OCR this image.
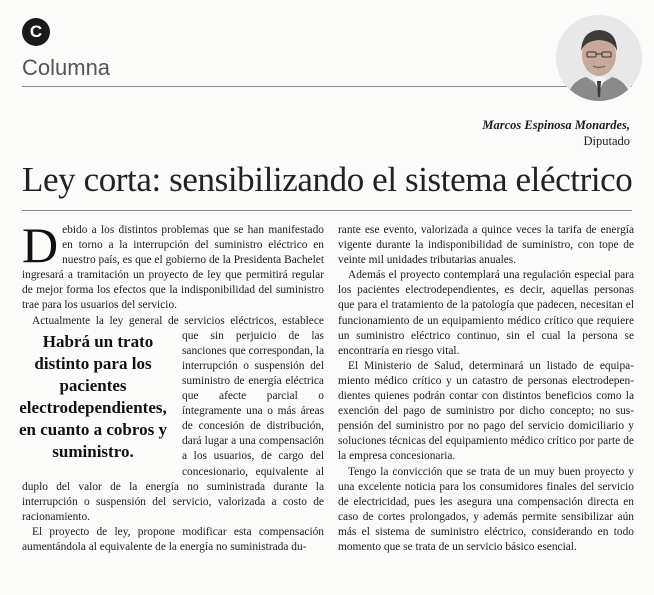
C
Columna
Marcos Espinosa Monardes,
Diputado
Ley corta: sensibilizando el sistema eléctrico

Debido a los distintos problemas que se han manifestado en torno a la interrupción del suministro eléctrico en nuestro país, es que el gobierno de la Presidenta Bachelet ingresará a tramitación un proyecto de ley que permitirá regular de mejor forma los efectos que la indisponibilidad del suministro trae para los usuarios del servicio.

Actualmente la ley general de servicios eléctricos, estable
Habrá un trato distinto para los pacientes electrodependientes, en cuanto a cobros y suministro.
ce que sin perjuicio de las sanciones que correspondan, la interrupción o suspensión del suministro de energía eléctrica que afecte parcial o íntegramente una o más áreas de concesión de distribución, dará lugar a una compensación a los usuarios, de cargo del concesionario, equivalente al duplo del valor de la energía no suministrada durante la interrupción o suspensión del servicio, valorizada a costo de racionamiento.

El proyecto de ley, propone modificar esta compensación aumentándola al equivalente de la energía no suministrada du-

rante ese evento, valorizada a quince veces la tarifa de energía vigente durante la indisponibilidad de suministro, con tope de veinte mil unidades tributarias anuales.

Además el proyecto contemplará una regulación especial para los pacientes electrodependientes, es decir, aquellas personas que para el tratamiento de la patología que padecen, necesitan el funcionamiento de un equipamiento médico crítico que requiere un suministro eléctrico continuo, sin el cual la persona se encontraría en riesgo vital.

El Ministerio de Salud, determinará un listado de equipamiento médico crítico y un catastro de personas electrodependientes quienes podrán contar con distintos beneficios como la exención del pago de suministro por dicho concepto; no suspensión del suministro por no pago del servicio domiciliario y soluciones técnicas del equipamiento médico crítico por parte de la empresa concesionaria.

Tengo la convicción que se trata de un muy buen proyecto y una excelente noticia para los consumidores finales del servicio de electricidad, pues les asegura una compensación directa en caso de cortes prolongados, y además permite sensibilizar aún más el sistema de suministro eléctrico, considerando en todo momento que se trata de un servicio básico esencial.
